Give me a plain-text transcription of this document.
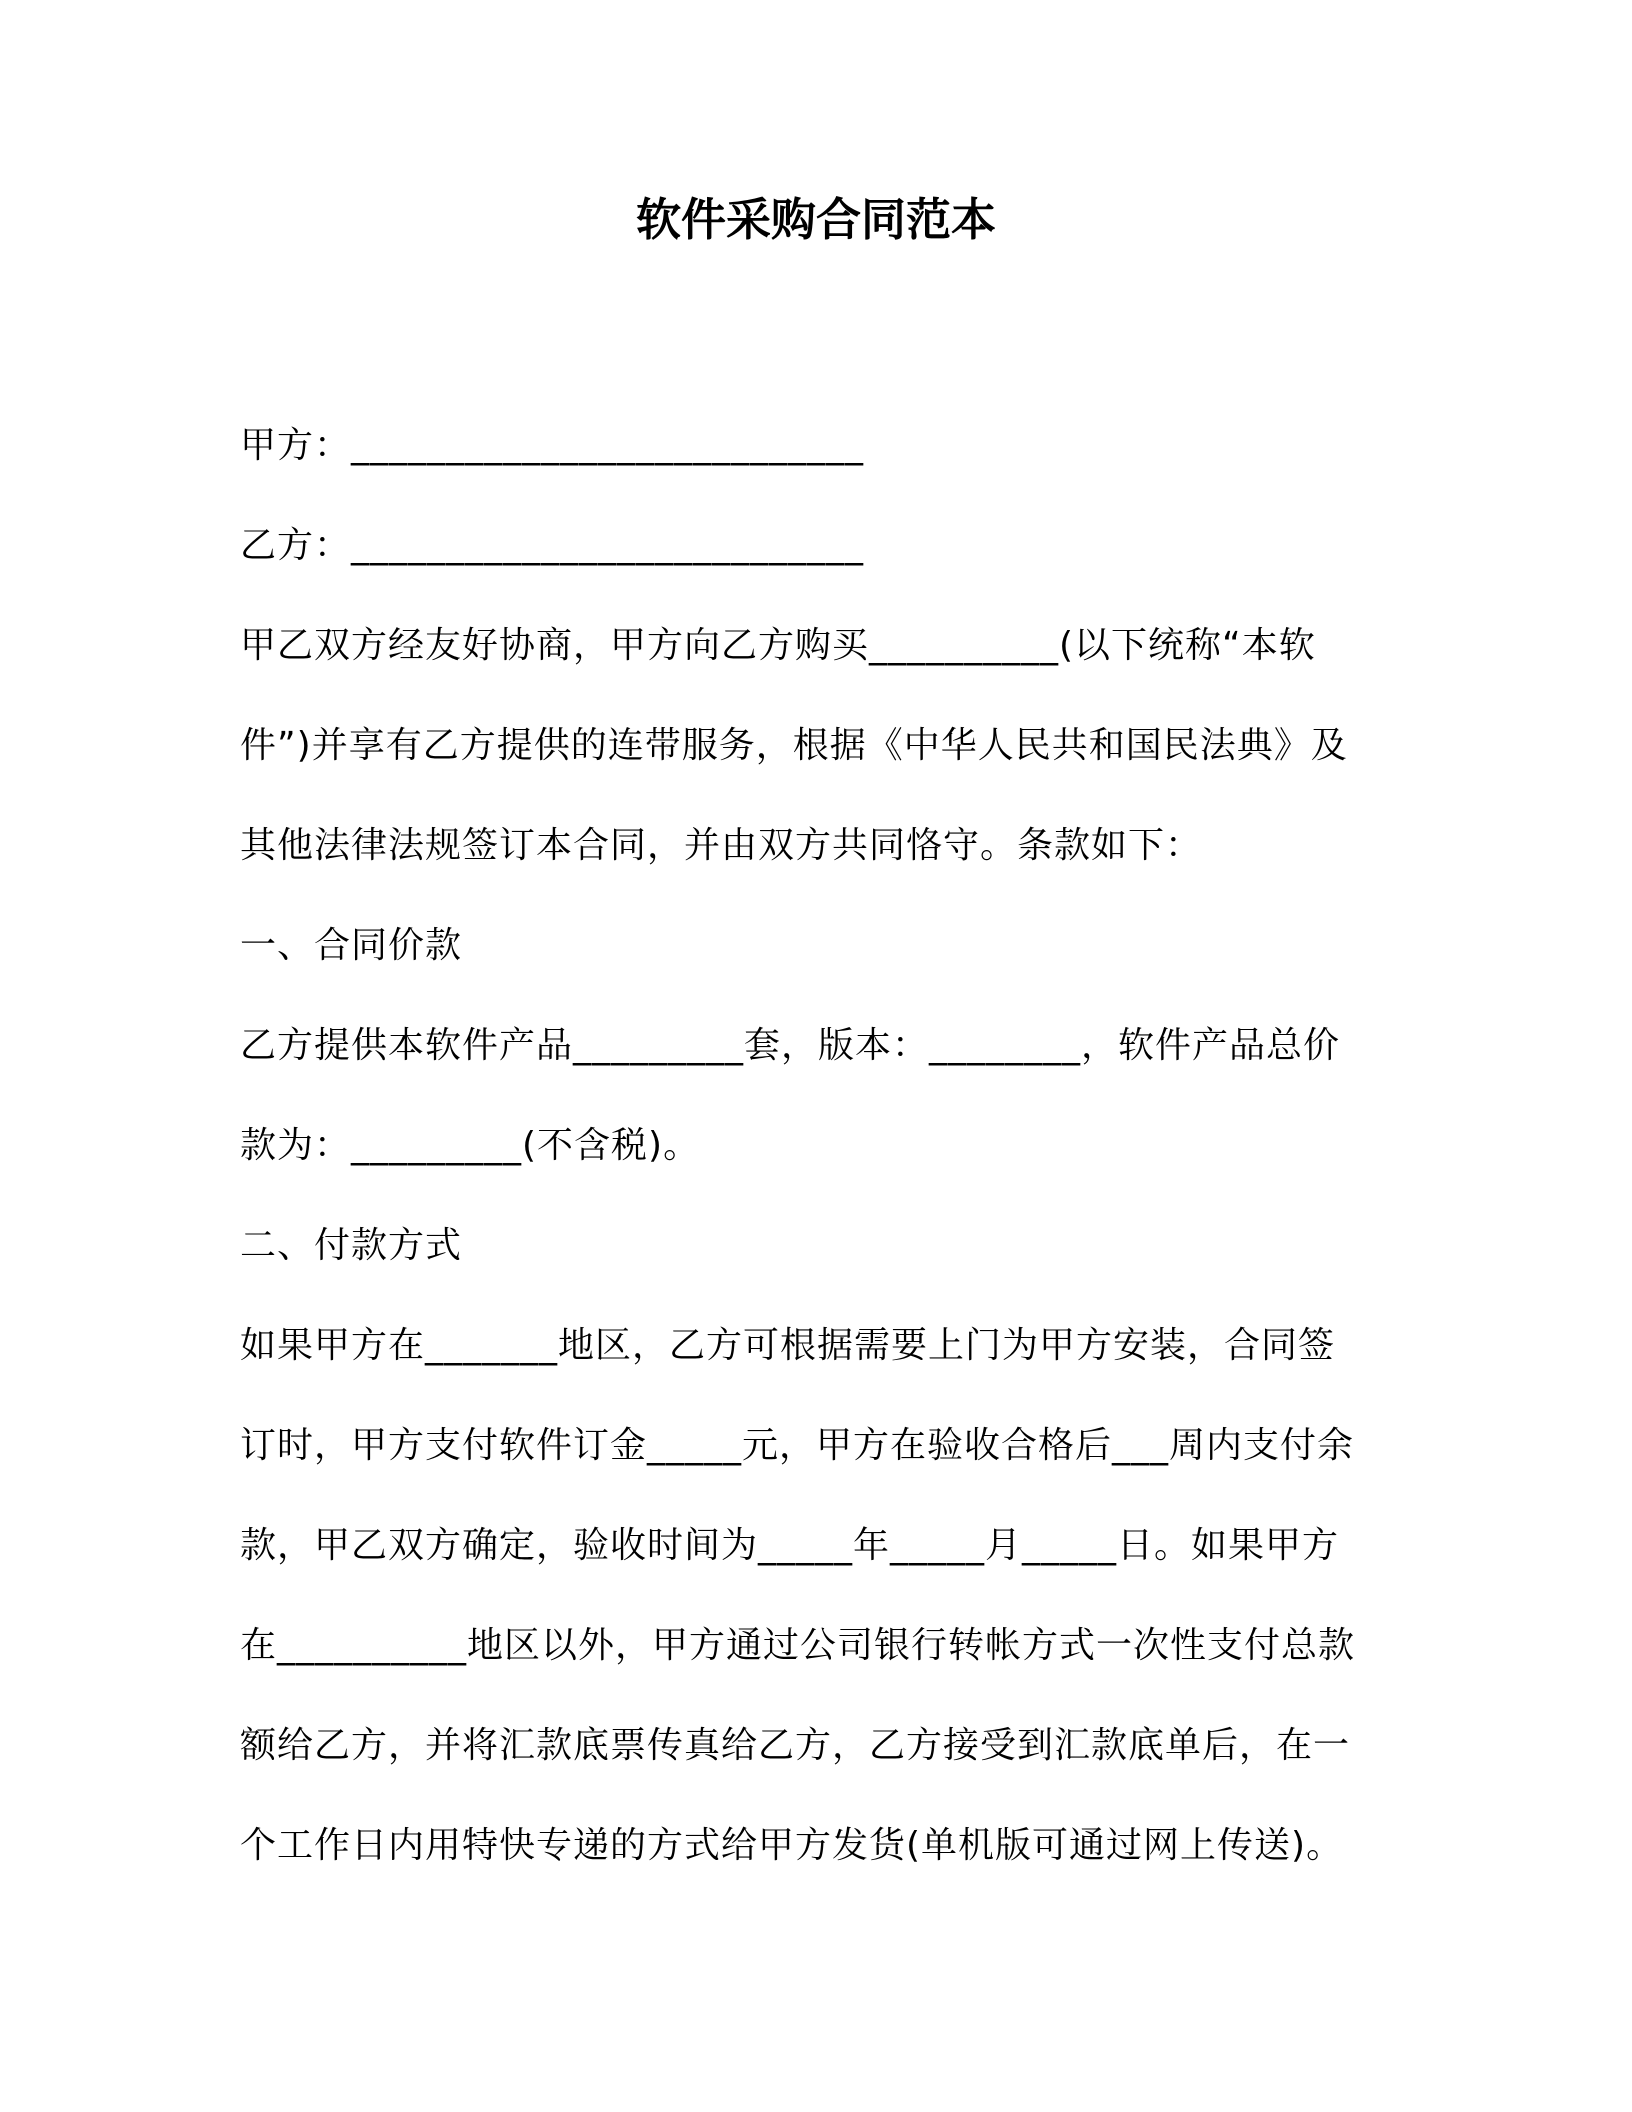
软件采购合同范本
甲方：___________________________
乙方：___________________________
甲乙双方经友好协商，甲方向乙方购买__________(以下统称“本软
件”)并享有乙方提供的连带服务，根据《中华人民共和国民法典》及
其他法律法规签订本合同，并由双方共同恪守。条款如下：
一、合同价款
乙方提供本软件产品_________套，版本：________，软件产品总价
款为：_________(不含税)。
二、付款方式
如果甲方在_______地区，乙方可根据需要上门为甲方安装，合同签
订时，甲方支付软件订金_____元，甲方在验收合格后___周内支付余
款，甲乙双方确定，验收时间为_____年_____月_____日。如果甲方
在__________地区以外，甲方通过公司银行转帐方式一次性支付总款
额给乙方，并将汇款底票传真给乙方，乙方接受到汇款底单后，在一
个工作日内用特快专递的方式给甲方发货(单机版可通过网上传送)。
